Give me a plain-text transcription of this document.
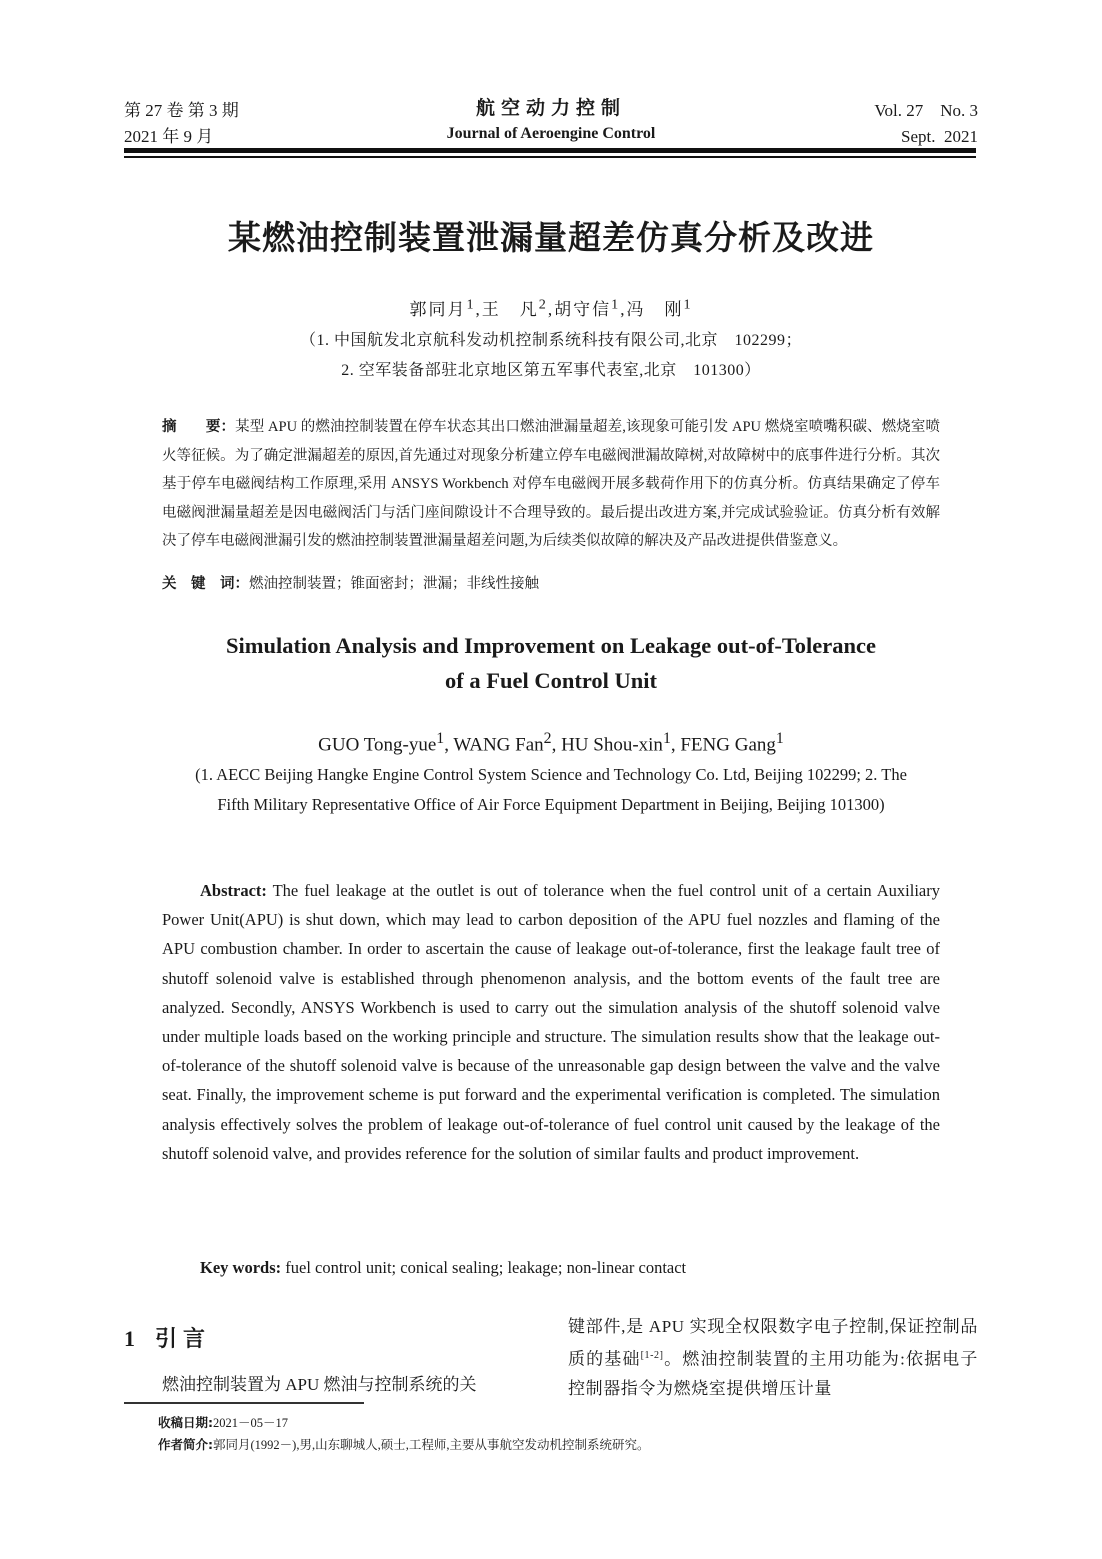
第 27 卷 第 3 期
2021 年 9 月
航空动力控制
Journal of Aeroengine Control
Vol. 27    No. 3
Sept.  2021
某燃油控制装置泄漏量超差仿真分析及改进
郭同月$^1$,王　凡$^2$,胡守信$^1$,冯　刚$^1$
（1. 中国航发北京航科发动机控制系统科技有限公司,北京　102299；
2. 空军装备部驻北京地区第五军事代表室,北京　101300）
摘　　要：某型 APU 的燃油控制装置在停车状态其出口燃油泄漏量超差,该现象可能引发 APU 燃烧室喷嘴积碳、燃烧室喷火等征候。为了确定泄漏超差的原因,首先通过对现象分析建立停车电磁阀泄漏故障树,对故障树中的底事件进行分析。其次基于停车电磁阀结构工作原理,采用 ANSYS Workbench 对停车电磁阀开展多载荷作用下的仿真分析。仿真结果确定了停车电磁阀泄漏量超差是因电磁阀活门与活门座间隙设计不合理导致的。最后提出改进方案,并完成试验验证。仿真分析有效解决了停车电磁阀泄漏引发的燃油控制装置泄漏量超差问题,为后续类似故障的解决及产品改进提供借鉴意义。
关　键　词：燃油控制装置；锥面密封；泄漏；非线性接触
Simulation Analysis and Improvement on Leakage out-of-Tolerance
of a Fuel Control Unit
GUO Tong-yue$^1$, WANG Fan$^2$, HU Shou-xin$^1$, FENG Gang$^1$
(1. AECC Beijing Hangke Engine Control System Science and Technology Co. Ltd, Beijing 102299; 2. The Fifth Military Representative Office of Air Force Equipment Department in Beijing, Beijing 101300)
Abstract: The fuel leakage at the outlet is out of tolerance when the fuel control unit of a certain Auxiliary Power Unit(APU) is shut down, which may lead to carbon deposition of the APU fuel nozzles and flaming of the APU combustion chamber. In order to ascertain the cause of leakage out-of-tolerance, first the leakage fault tree of shutoff solenoid valve is established through phenomenon analysis, and the bottom events of the fault tree are analyzed. Secondly, ANSYS Workbench is used to carry out the simulation analysis of the shutoff solenoid valve under multiple loads based on the working principle and structure. The simulation results show that the leakage out-of-tolerance of the shutoff solenoid valve is because of the unreasonable gap design between the valve and the valve seat. Finally, the improvement scheme is put forward and the experimental verification is completed. The simulation analysis effectively solves the problem of leakage out-of-tolerance of fuel control unit caused by the leakage of the shutoff solenoid valve, and provides reference for the solution of similar faults and product improvement.
Key words: fuel control unit; conical sealing; leakage; non-linear contact
1 引言
燃油控制装置为 APU 燃油与控制系统的关
键部件,是 APU 实现全权限数字电子控制,保证控制品质的基础[1-2]。燃油控制装置的主用功能为:依据电子控制器指令为燃烧室提供增压计量
收稿日期:2021－05－17
作者简介:郭同月(1992－),男,山东聊城人,硕士,工程师,主要从事航空发动机控制系统研究。
